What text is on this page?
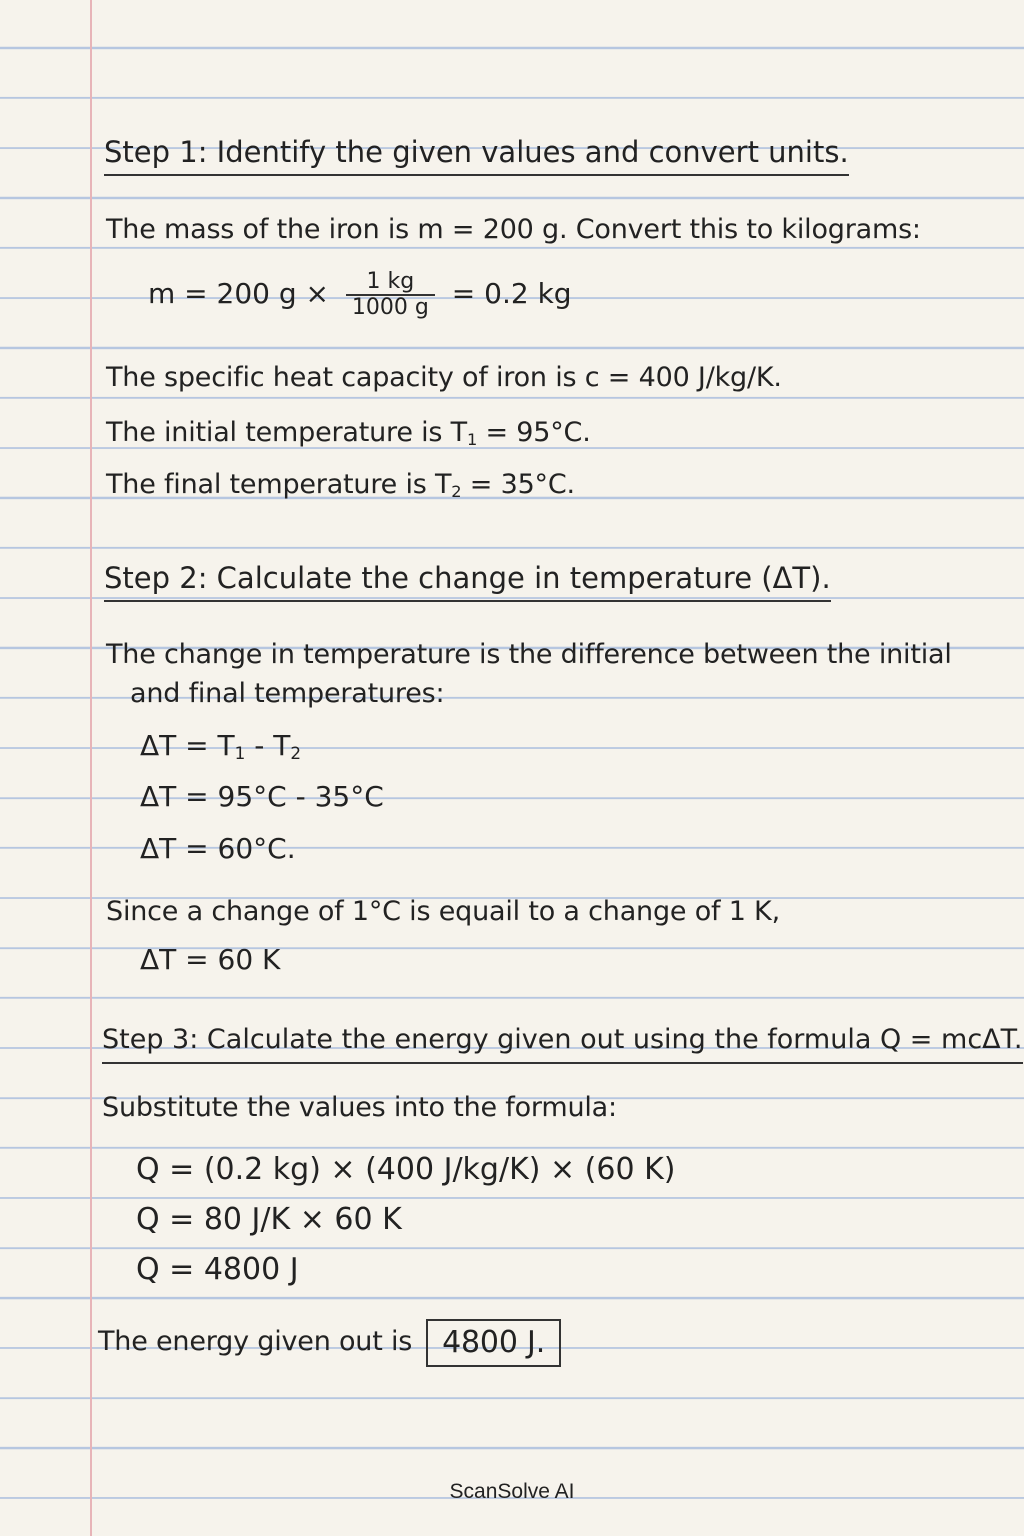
Step 1: Identify the given values and convert units.
The mass of the iron is m = 200 g. Convert this to kilograms:
m = 200 $g \times \frac{1 kg}{1000 g} = 0.2$ kg
The specific heat capacity of iron is c = 400 J/kg/K.
The initial temperature is $T_1 = 95^\circ C$.
The final temperature is $T_2 = 35^\circ C$.
Step 2: Calculate the change in temperature (ΔT).
The change in temperature is the difference between the initial
and final temperatures:
$\Delta T = T_1 - T_2$
ΔT = 95°C - 35°C
ΔT = 60°C.
Since a change of 1°C is equail to a change of 1 K,
ΔT = 60 K
Step 3: Calculate the energy given out using the formula Q = mcΔT.
Substitute the values into the formula:
Q = (0.2 kg) × (400 J/kg/K) × (60 K)
Q = 80 J/K × 60 K
Q = 4800 J
The energy given out is 4800 J.
ScanSolve AI
